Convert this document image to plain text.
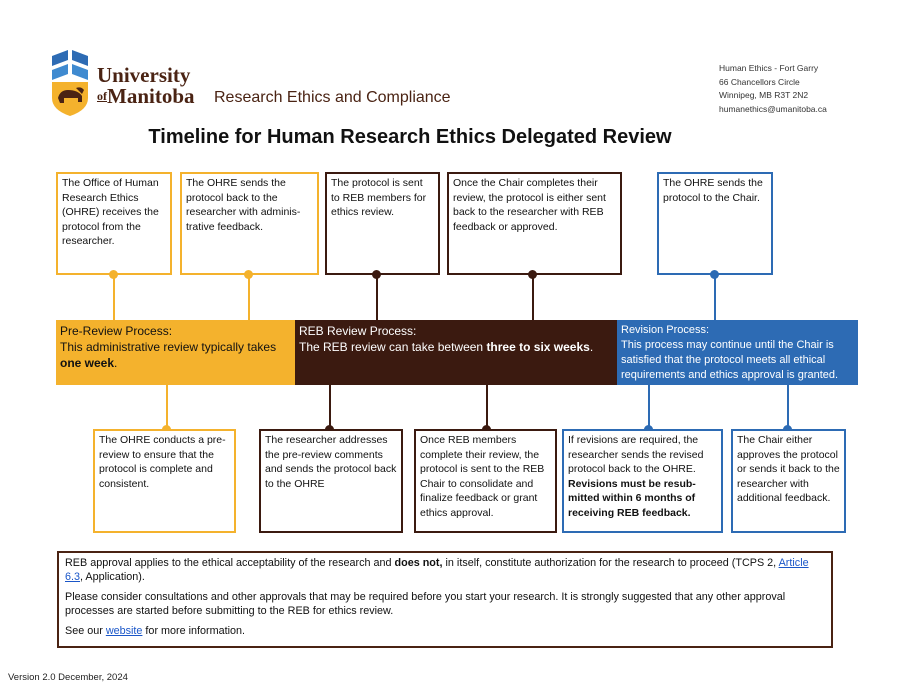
University
$^{of}$Manitoba Research Ethics and Compliance
Human Ethics - Fort Garry
66 Chancellors Circle
Winnipeg, MB R3T 2N2
humanethics@umanitoba.ca
Timeline for Human Research Ethics Delegated Review
The Office of Human Research Ethics (OHRE) receives the protocol from the researcher.
The OHRE sends the protocol back to the researcher with adminis-trative feedback.
The protocol is sent to REB members for ethics review.
Once the Chair completes their review, the protocol is either sent back to the researcher with REB feedback or approved.
The OHRE sends the protocol to the Chair.
Pre-Review Process:
This administrative review typically takes one week.
REB Review Process:
The REB review can take between three to six weeks.
Revision Process:
This process may continue until the Chair is satisfied that the protocol meets all ethical requirements and ethics approval is granted.
The OHRE conducts a pre-review to ensure that the protocol is complete and consistent.
The researcher addresses the pre-review comments and sends the protocol back to the OHRE
Once REB members complete their review, the protocol is sent to the REB Chair to consolidate and finalize feedback or grant ethics approval.
If revisions are required, the researcher sends the revised protocol back to the OHRE. Revisions must be resub-mitted within 6 months of receiving REB feedback.
The Chair either approves the protocol or sends it back to the researcher with additional feedback.

REB approval applies to the ethical acceptability of the research and does not, in itself, constitute authorization for the research to proceed (TCPS 2, Article 6.3, Application).

Please consider consultations and other approvals that may be required before you start your research. It is strongly suggested that any other approval processes are started before submitting to the REB for ethics review.

See our website for more information.

Version 2.0 December, 2024
